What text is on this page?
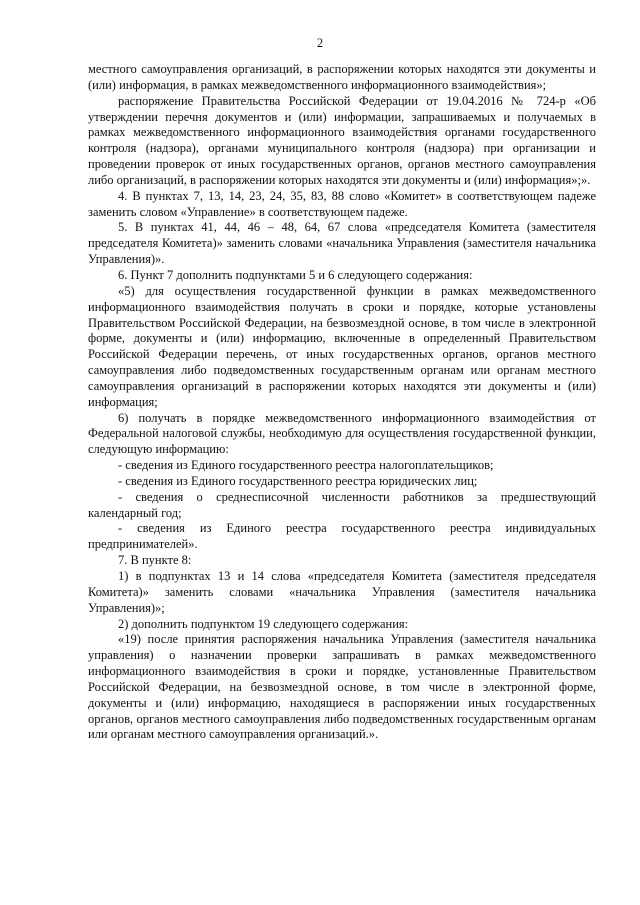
2

местного самоуправления организаций, в распоряжении которых находятся эти документы и (или) информация, в рамках межведомственного информационного взаимодействия»;

распоряжение Правительства Российской Федерации от 19.04.2016 № 724-р «Об утверждении перечня документов и (или) информации, запрашиваемых и получаемых в рамках межведомственного информационного взаимодействия органами государственного контроля (надзора), органами муниципального контроля (надзора) при организации и проведении проверок от иных государственных органов, органов местного самоуправления либо организаций, в распоряжении которых находятся эти документы и (или) информация»;».

4. В пунктах 7, 13, 14, 23, 24, 35, 83, 88 слово «Комитет» в соответствующем падеже заменить словом «Управление» в соответствующем падеже.

5. В пунктах 41, 44, 46 – 48, 64, 67 слова «председателя Комитета (заместителя председателя Комитета)» заменить словами «начальника Управления (заместителя начальника Управления)».

6. Пункт 7 дополнить подпунктами 5 и 6 следующего содержания:

«5) для осуществления государственной функции в рамках межведомственного информационного взаимодействия получать в сроки и порядке, которые установлены Правительством Российской Федерации, на безвозмездной основе, в том числе в электронной форме, документы и (или) информацию, включенные в определенный Правительством Российской Федерации перечень, от иных государственных органов, органов местного самоуправления либо подведомственных государственным органам или органам местного самоуправления организаций в распоряжении которых находятся эти документы и (или) информация;

6) получать в порядке межведомственного информационного взаимодействия от Федеральной налоговой службы, необходимую для осуществления государственной функции, следующую информацию:

- сведения из Единого государственного реестра налогоплательщиков;

- сведения из Единого государственного реестра юридических лиц;

- сведения о среднесписочной численности работников за предшествующий календарный год;

- сведения из Единого реестра государственного реестра индивидуальных предпринимателей».

7. В пункте 8:

1) в подпунктах 13 и 14 слова «председателя Комитета (заместителя председателя Комитета)» заменить словами «начальника Управления (заместителя начальника Управления)»;

2) дополнить подпунктом 19 следующего содержания:

«19) после принятия распоряжения начальника Управления (заместителя начальника управления) о назначении проверки запрашивать в рамках межведомственного информационного взаимодействия в сроки и порядке, установленные Правительством Российской Федерации, на безвозмездной основе, в том числе в электронной форме, документы и (или) информацию, находящиеся в распоряжении иных государственных органов, органов местного самоуправления либо подведомственных государственным органам или органам местного самоуправления организаций.».
